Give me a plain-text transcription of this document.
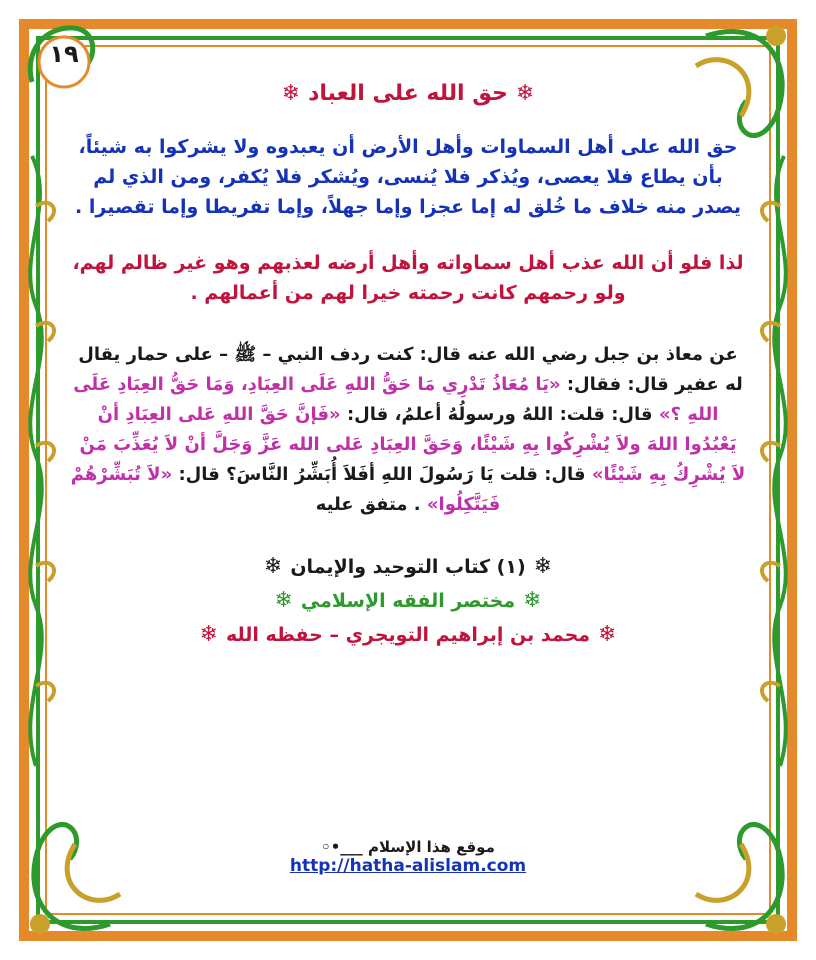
١٩
❄حق الله على العباد❄

حق الله على أهل السماوات وأهل الأرض أن يعبدوه ولا يشركوا به شيئاً، بأن يطاع فلا يعصى، ويُذكر فلا يُنسى، ويُشكر فلا يُكفر، ومن الذي لم يصدر منه خلاف ما خُلق له إما عجزا وإما جهلاً، وإما تفريطا وإما تقصيرا .

لذا فلو أن الله عذب أهل سماواته وأهل أرضه لعذبهم وهو غير ظالم لهم، ولو رحمهم كانت رحمته خيرا لهم من أعمالهم .

عن معاذ بن جبل رضي الله عنه قال: كنت ردف النبي – ﷺ – على حمار يقال له عفير قال: فقال: «يَا مُعَاذُ تَدْرِي مَا حَقُّ اللهِ عَلَى العِبَادِ، وَمَا حَقُّ العِبَادِ عَلَى اللهِ ؟» قال: قلت: اللهُ ورسولُهُ أعلمُ، قال: «فَإنَّ حَقَّ اللهِ عَلى العِبَادِ أنْ يَعْبُدُوا اللهَ ولاَ يُشْرِكُوا بِهِ شَيْئًا، وَحَقَّ العِبَادِ عَلى الله عَزَّ وَجَلَّ أنْ لاَ يُعَذِّبَ مَنْ لاَ يُشْرِكُ بِهِ شَيْئًا» قال: قلت يَا رَسُولَ اللهِ أفَلاَ أُبَشِّرُ النَّاسَ؟ قال: «لاَ تُبَشِّرْهُمْ فَيَتَّكِلُوا» . متفق عليه

❄(١) كتاب التوحيد والإيمان❄
❄مختصر الفقه الإسلامي❄
❄محمد بن إبراهيم التويجري – حفظه الله❄
موقع هذا الإسلام ___•◦
http://hatha-alislam.com
